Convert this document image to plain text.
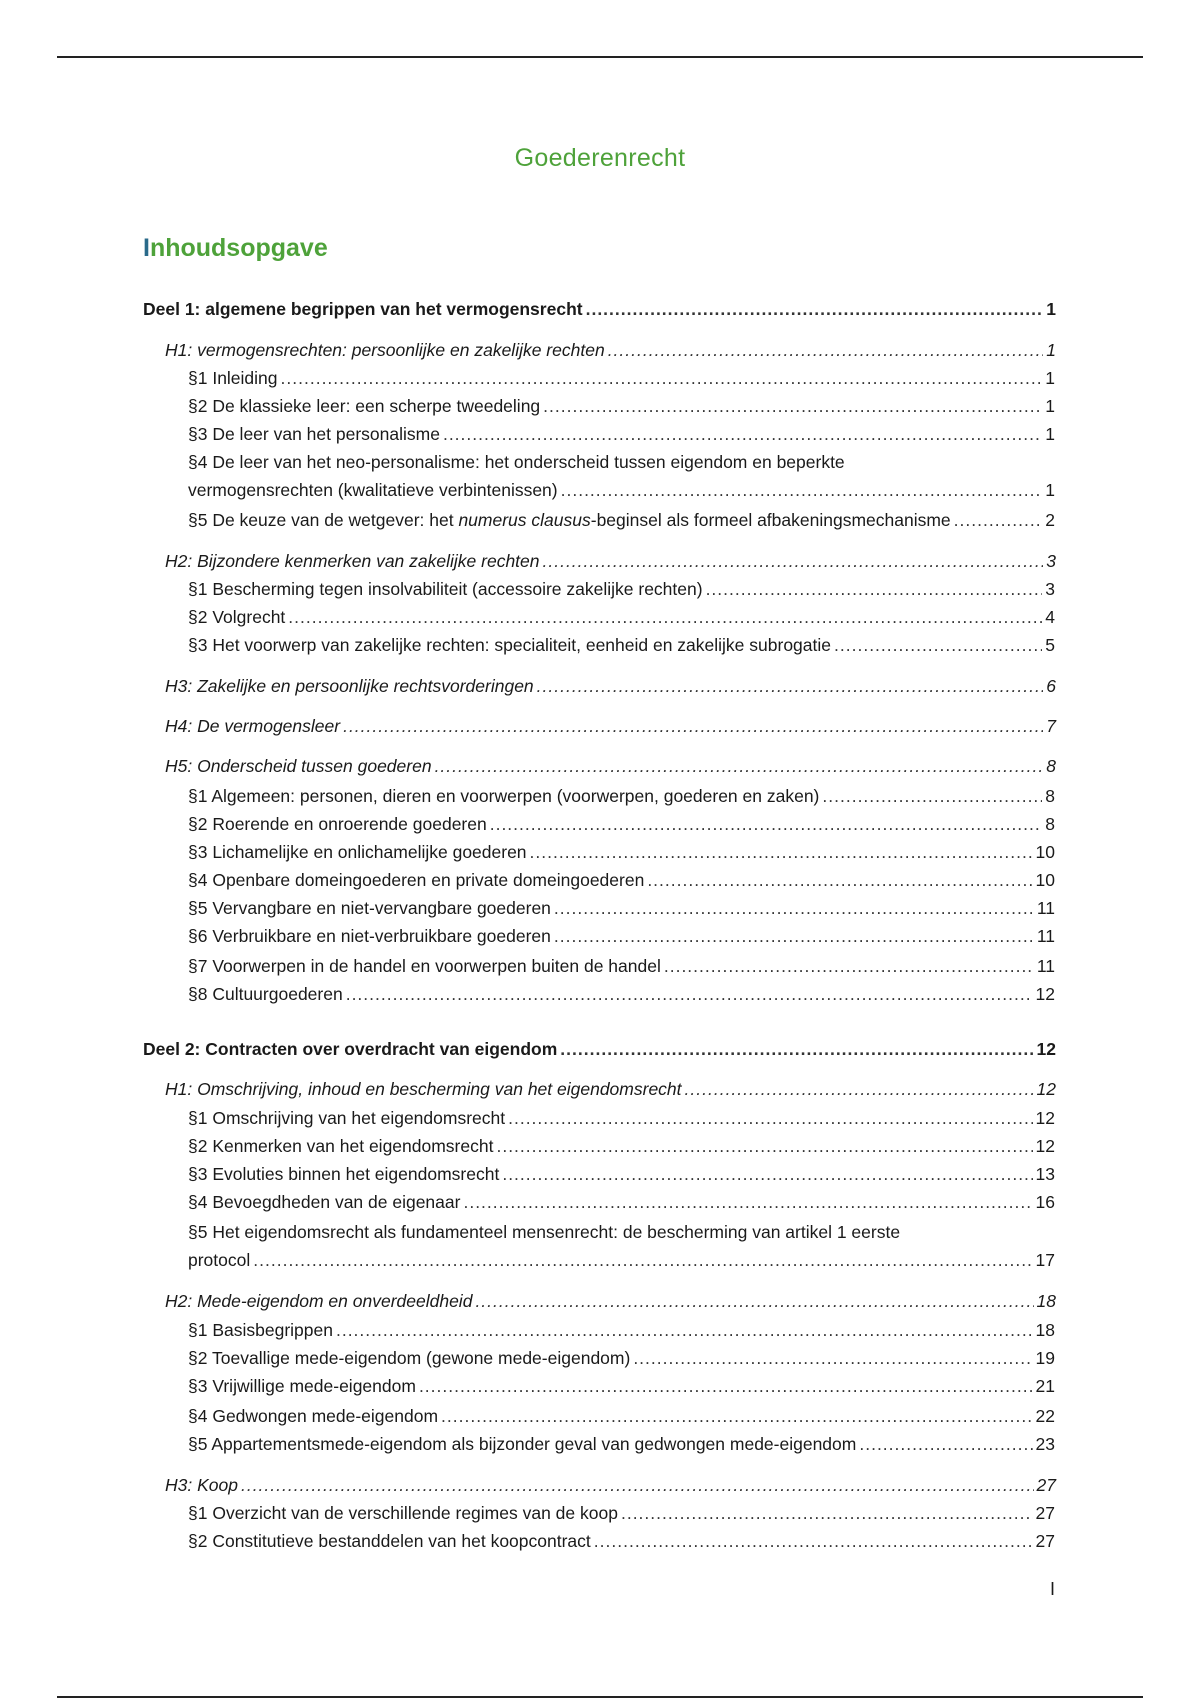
Goederenrecht
Inhoudsopgave
Deel 1: algemene begrippen van het vermogensrecht .....	1
H1: vermogensrechten: persoonlijke en zakelijke rechten .....	1
§1 Inleiding .....	1
§2 De klassieke leer: een scherpe tweedeling .....	1
§3 De leer van het personalisme .....	1
§4 De leer van het neo-personalisme: het onderscheid tussen eigendom en beperkte
vermogensrechten (kwalitatieve verbintenissen) .....	1
§5 De keuze van de wetgever: het numerus clausus-beginsel als formeel afbakeningsmechanisme .....	2
H2: Bijzondere kenmerken van zakelijke rechten .....	3
§1 Bescherming tegen insolvabiliteit (accessoire zakelijke rechten) .....	3
§2 Volgrecht .....	4
§3 Het voorwerp van zakelijke rechten: specialiteit, eenheid en zakelijke subrogatie .....	5
H3: Zakelijke en persoonlijke rechtsvorderingen .....	6
H4: De vermogensleer .....	7
H5: Onderscheid tussen goederen .....	8
§1 Algemeen: personen, dieren en voorwerpen (voorwerpen, goederen en zaken) .....	8
§2 Roerende en onroerende goederen .....	8
§3 Lichamelijke en onlichamelijke goederen .....	10
§4 Openbare domeingoederen en private domeingoederen .....	10
§5 Vervangbare en niet-vervangbare goederen .....	11
§6 Verbruikbare en niet-verbruikbare goederen .....	11
§7 Voorwerpen in de handel en voorwerpen buiten de handel .....	11
§8 Cultuurgoederen .....	12
Deel 2: Contracten over overdracht van eigendom .....	12
H1: Omschrijving, inhoud en bescherming van het eigendomsrecht .....	12
§1 Omschrijving van het eigendomsrecht .....	12
§2 Kenmerken van het eigendomsrecht .....	12
§3 Evoluties binnen het eigendomsrecht .....	13
§4 Bevoegdheden van de eigenaar .....	16
§5 Het eigendomsrecht als fundamenteel mensenrecht: de bescherming van artikel 1 eerste
protocol .....	17
H2: Mede-eigendom en onverdeeldheid .....	18
§1 Basisbegrippen .....	18
§2 Toevallige mede-eigendom (gewone mede-eigendom) .....	19
§3 Vrijwillige mede-eigendom .....	21
§4 Gedwongen mede-eigendom .....	22
§5 Appartementsmede-eigendom als bijzonder geval van gedwongen mede-eigendom .....	23
H3: Koop .....	27
§1 Overzicht van de verschillende regimes van de koop .....	27
§2 Constitutieve bestanddelen van het koopcontract .....	27
I
